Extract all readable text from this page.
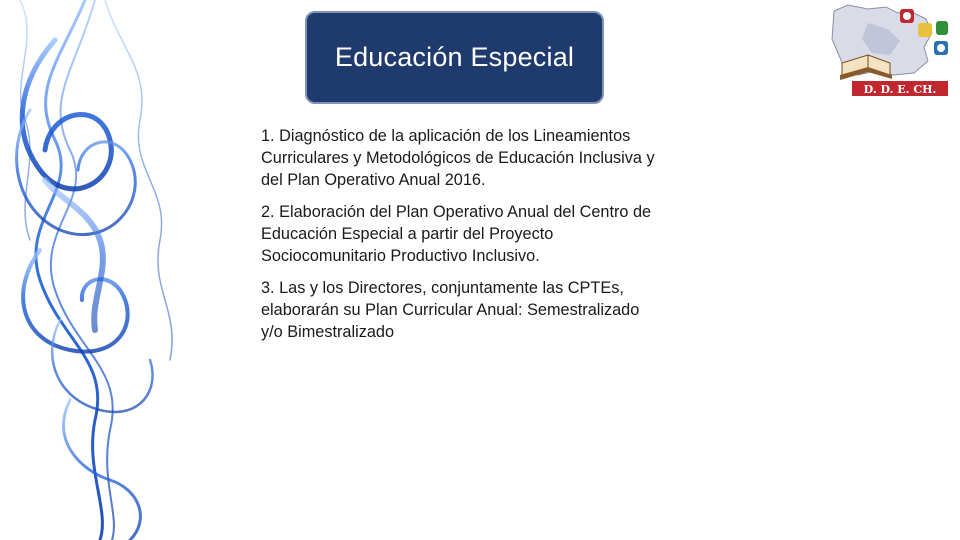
Educación Especial

1. Diagnóstico de la aplicación de los Lineamientos Curriculares y Metodológicos de Educación Inclusiva y del Plan Operativo Anual 2016.

2. Elaboración del Plan Operativo Anual del Centro de Educación Especial a partir del Proyecto Sociocomunitario Productivo Inclusivo.

3. Las y los Directores, conjuntamente las CPTEs, elaborarán su Plan Curricular Anual: Semestralizado y/o Bimestralizado

D. D. E. CH.
